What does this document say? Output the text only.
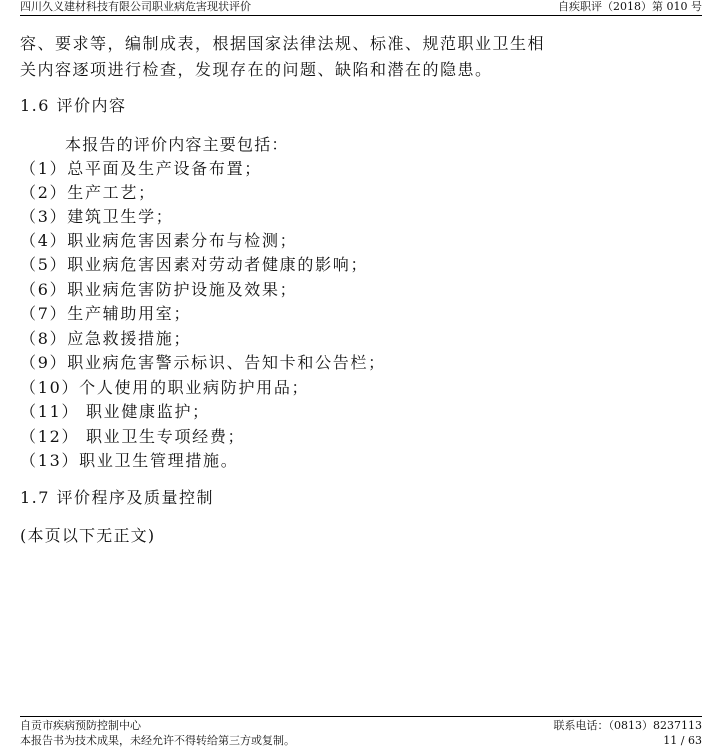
四川久义建材科技有限公司职业病危害现状评价	自疾职评（2018）第 010 号
容、要求等，编制成表，根据国家法律法规、标准、规范职业卫生相
关内容逐项进行检查，发现存在的问题、缺陷和潜在的隐患。
1.6 评价内容
本报告的评价内容主要包括：
（1）总平面及生产设备布置；
（2）生产工艺；
（3）建筑卫生学；
（4）职业病危害因素分布与检测；
（5）职业病危害因素对劳动者健康的影响；
（6）职业病危害防护设施及效果；
（7）生产辅助用室；
（8）应急救援措施；
（9）职业病危害警示标识、告知卡和公告栏；
（10）个人使用的职业病防护用品；
（11） 职业健康监护；
（12） 职业卫生专项经费；
（13）职业卫生管理措施。
1.7 评价程序及质量控制
(本页以下无正文)
自贡市疾病预防控制中心	联系电话：（0813）8237113
本报告书为技术成果，未经允许不得转给第三方或复制。	11 / 63
